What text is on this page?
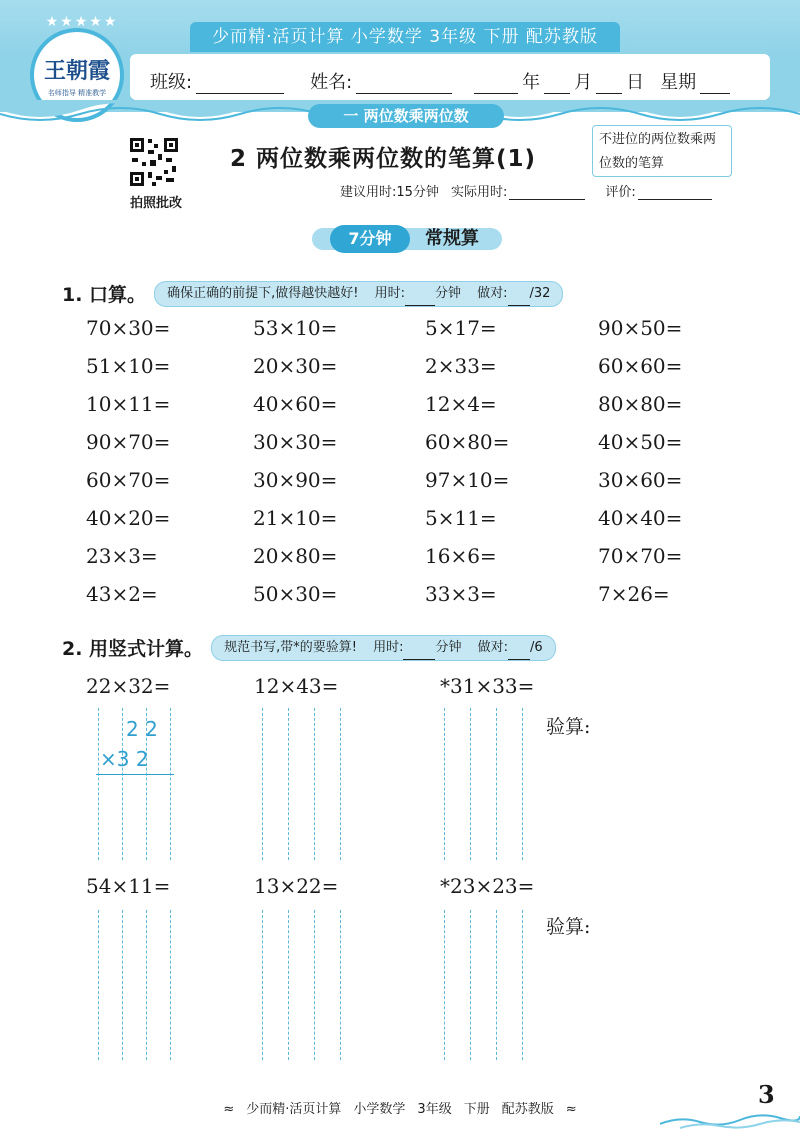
少而精·活页计算 小学数学 3年级 下册 配苏教版
班级:	姓名:	年 月 日 星期
★★★★★
王朝霞
名师指导 精准教学
一 两位数乘两位数
拍照批改
2 两位数乘两位数的笔算(1)
不进位的两位数乘两位数的笔算
建议用时:15分钟 实际用时:	评价:
7分钟	常规算
1. 口算。	确保正确的前提下,做得越快越好! 用时: 分钟 做对: /32
70×30=	53×10=	5×17=	90×50=
51×10=	20×30=	2×33=	60×60=
10×11=	40×60=	12×4=	80×80=
90×70=	30×30=	60×80=	40×50=
60×70=	30×90=	97×10=	30×60=
40×20=	21×10=	5×11=	40×40=
23×3=	20×80=	16×6=	70×70=
43×2=	50×30=	33×3=	7×26=
2. 用竖式计算。	规范书写,带*的要验算! 用时: 分钟 做对: /6
22×32=	12×43=	*31×33=
验算:
54×11=	13×22=	*23×23=
验算:
2 2
×3 2
≈ 少而精·活页计算 小学数学 3年级 下册 配苏教版 ≈
3
